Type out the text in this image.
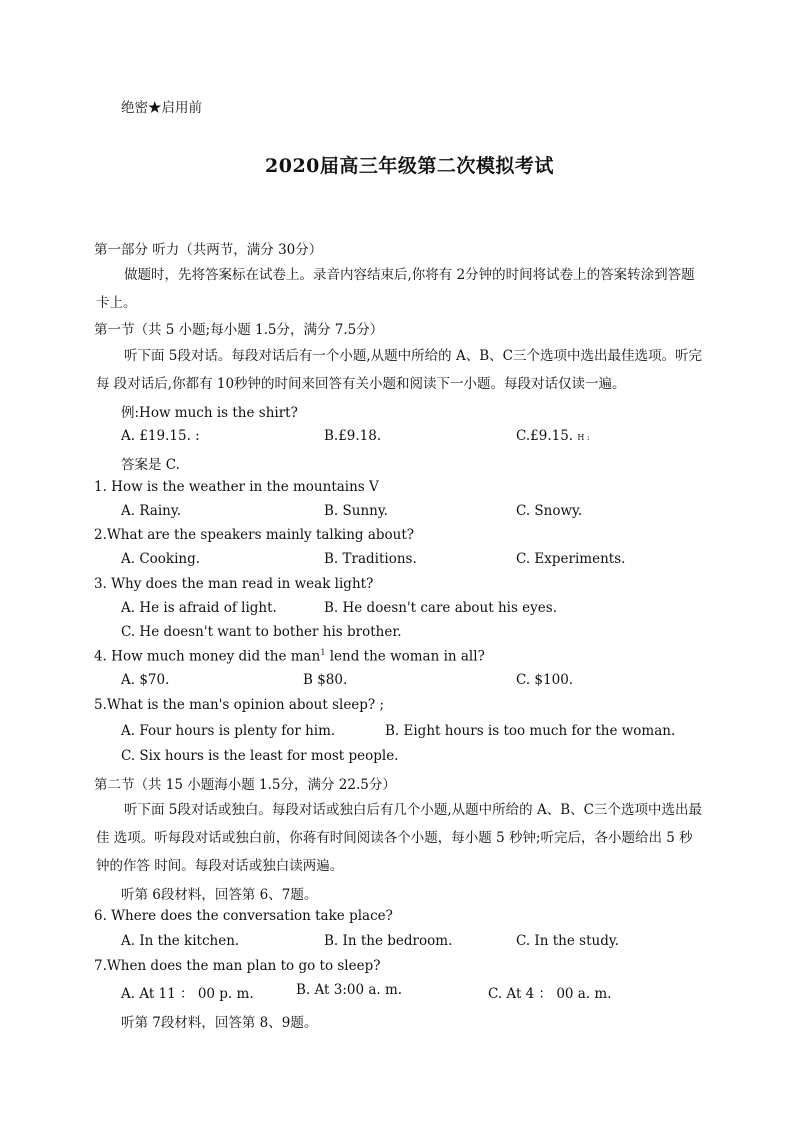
绝密★启用前
2020届高三年级第二次模拟考试
第一部分 听力（共两节，满分 30分）
做题时，先将答案标在试卷上。录音内容结束后,你将有 2分钟的时间将试卷上的答案转涂到答题卡上。
第一节（共 5 小题;每小题 1.5分，满分 7.5分）
听下面 5段对话。每段对话后有一个小题,从题中所给的 A、B、C三个选项中选出最佳选项。听完每 段对话后,你都有 10秒钟的时间来回答有关小题和阅读下一小题。每段对话仅读一遍。
例:How much is the shirt?
A. £19.15. :	B.£9.18.	C.£9.15. H :
答案是 C.
1. How is the weather in the mountains V
A. Rainy.	B. Sunny.	C. Snowy.
2.What are the speakers mainly talking about?
A. Cooking.	B. Traditions.	C. Experiments.
3. Why does the man read in weak light?
A. He is afraid of light.	B. He doesn't care about his eyes.
C. He doesn't want to bother his brother.
4. How much money did the man$^1$ lend the woman in all?
A. $70.	B $80.	C. $100.
5.What is the man's opinion about sleep? ;
A. Four hours is plenty for him.	B. Eight hours is too much for the woman.
C. Six hours is the least for most people.
第二节（共 15 小题海小题 1.5分，满分 22.5分）
听下面 5段对话或独白。每段对话或独白后有几个小题,从题中所给的 A、B、C三个选项中选出最佳 选项。听每段对话或独白前，你蒋有时间阅读各个小题，每小题 5 秒钟;听完后，各小题给出 5 秒钟的作答 时间。每段对话或独白读两遍。
听第 6段材料，回答第 6、7题。
6. Where does the conversation take place?
A. In the kitchen.	B. In the bedroom.	C. In the study.
7.When does the man plan to go to sleep?
A. At 11 ： 00 p. m.	B. At 3:00 a. m.	C. At 4 ： 00 a. m.
听第 7段材料，回答第 8、9题。
